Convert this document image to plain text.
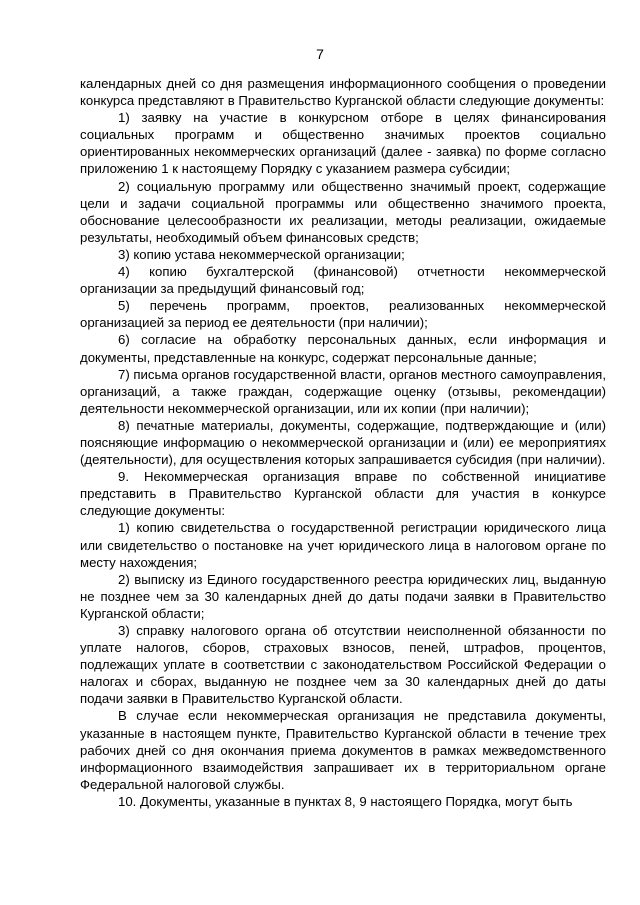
7

календарных дней со дня размещения информационного сообщения о проведении конкурса представляют в Правительство Курганской области следующие документы:

1) заявку на участие в конкурсном отборе в целях финансирования социальных программ и общественно значимых проектов социально ориентированных некоммерческих организаций (далее - заявка) по форме согласно приложению 1 к настоящему Порядку с указанием размера субсидии;

2) социальную программу или общественно значимый проект, содержащие цели и задачи социальной программы или общественно значимого проекта, обоснование целесообразности их реализации, методы реализации, ожидаемые результаты, необходимый объем финансовых средств;

3) копию устава некоммерческой организации;

4) копию бухгалтерской (финансовой) отчетности некоммерческой организации за предыдущий финансовый год;

5) перечень программ, проектов, реализованных некоммерческой организацией за период ее деятельности (при наличии);

6) согласие на обработку персональных данных, если информация и документы, представленные на конкурс, содержат персональные данные;

7) письма органов государственной власти, органов местного самоуправления, организаций, а также граждан, содержащие оценку (отзывы, рекомендации) деятельности некоммерческой организации, или их копии (при наличии);

8) печатные материалы, документы, содержащие, подтверждающие и (или) поясняющие информацию о некоммерческой организации и (или) ее мероприятиях (деятельности), для осуществления которых запрашивается субсидия (при наличии).

9. Некоммерческая организация вправе по собственной инициативе представить в Правительство Курганской области для участия в конкурсе следующие документы:

1) копию свидетельства о государственной регистрации юридического лица или свидетельство о постановке на учет юридического лица в налоговом органе по месту нахождения;

2) выписку из Единого государственного реестра юридических лиц, выданную не позднее чем за 30 календарных дней до даты подачи заявки в Правительство Курганской области;

3) справку налогового органа об отсутствии неисполненной обязанности по уплате налогов, сборов, страховых взносов, пеней, штрафов, процентов, подлежащих уплате в соответствии с законодательством Российской Федерации о налогах и сборах, выданную не позднее чем за 30 календарных дней до даты подачи заявки в Правительство Курганской области.

В случае если некоммерческая организация не представила документы, указанные в настоящем пункте, Правительство Курганской области в течение трех рабочих дней со дня окончания приема документов в рамках межведомственного информационного взаимодействия запрашивает их в территориальном органе Федеральной налоговой службы.

10. Документы, указанные в пунктах 8, 9 настоящего Порядка, могут быть
